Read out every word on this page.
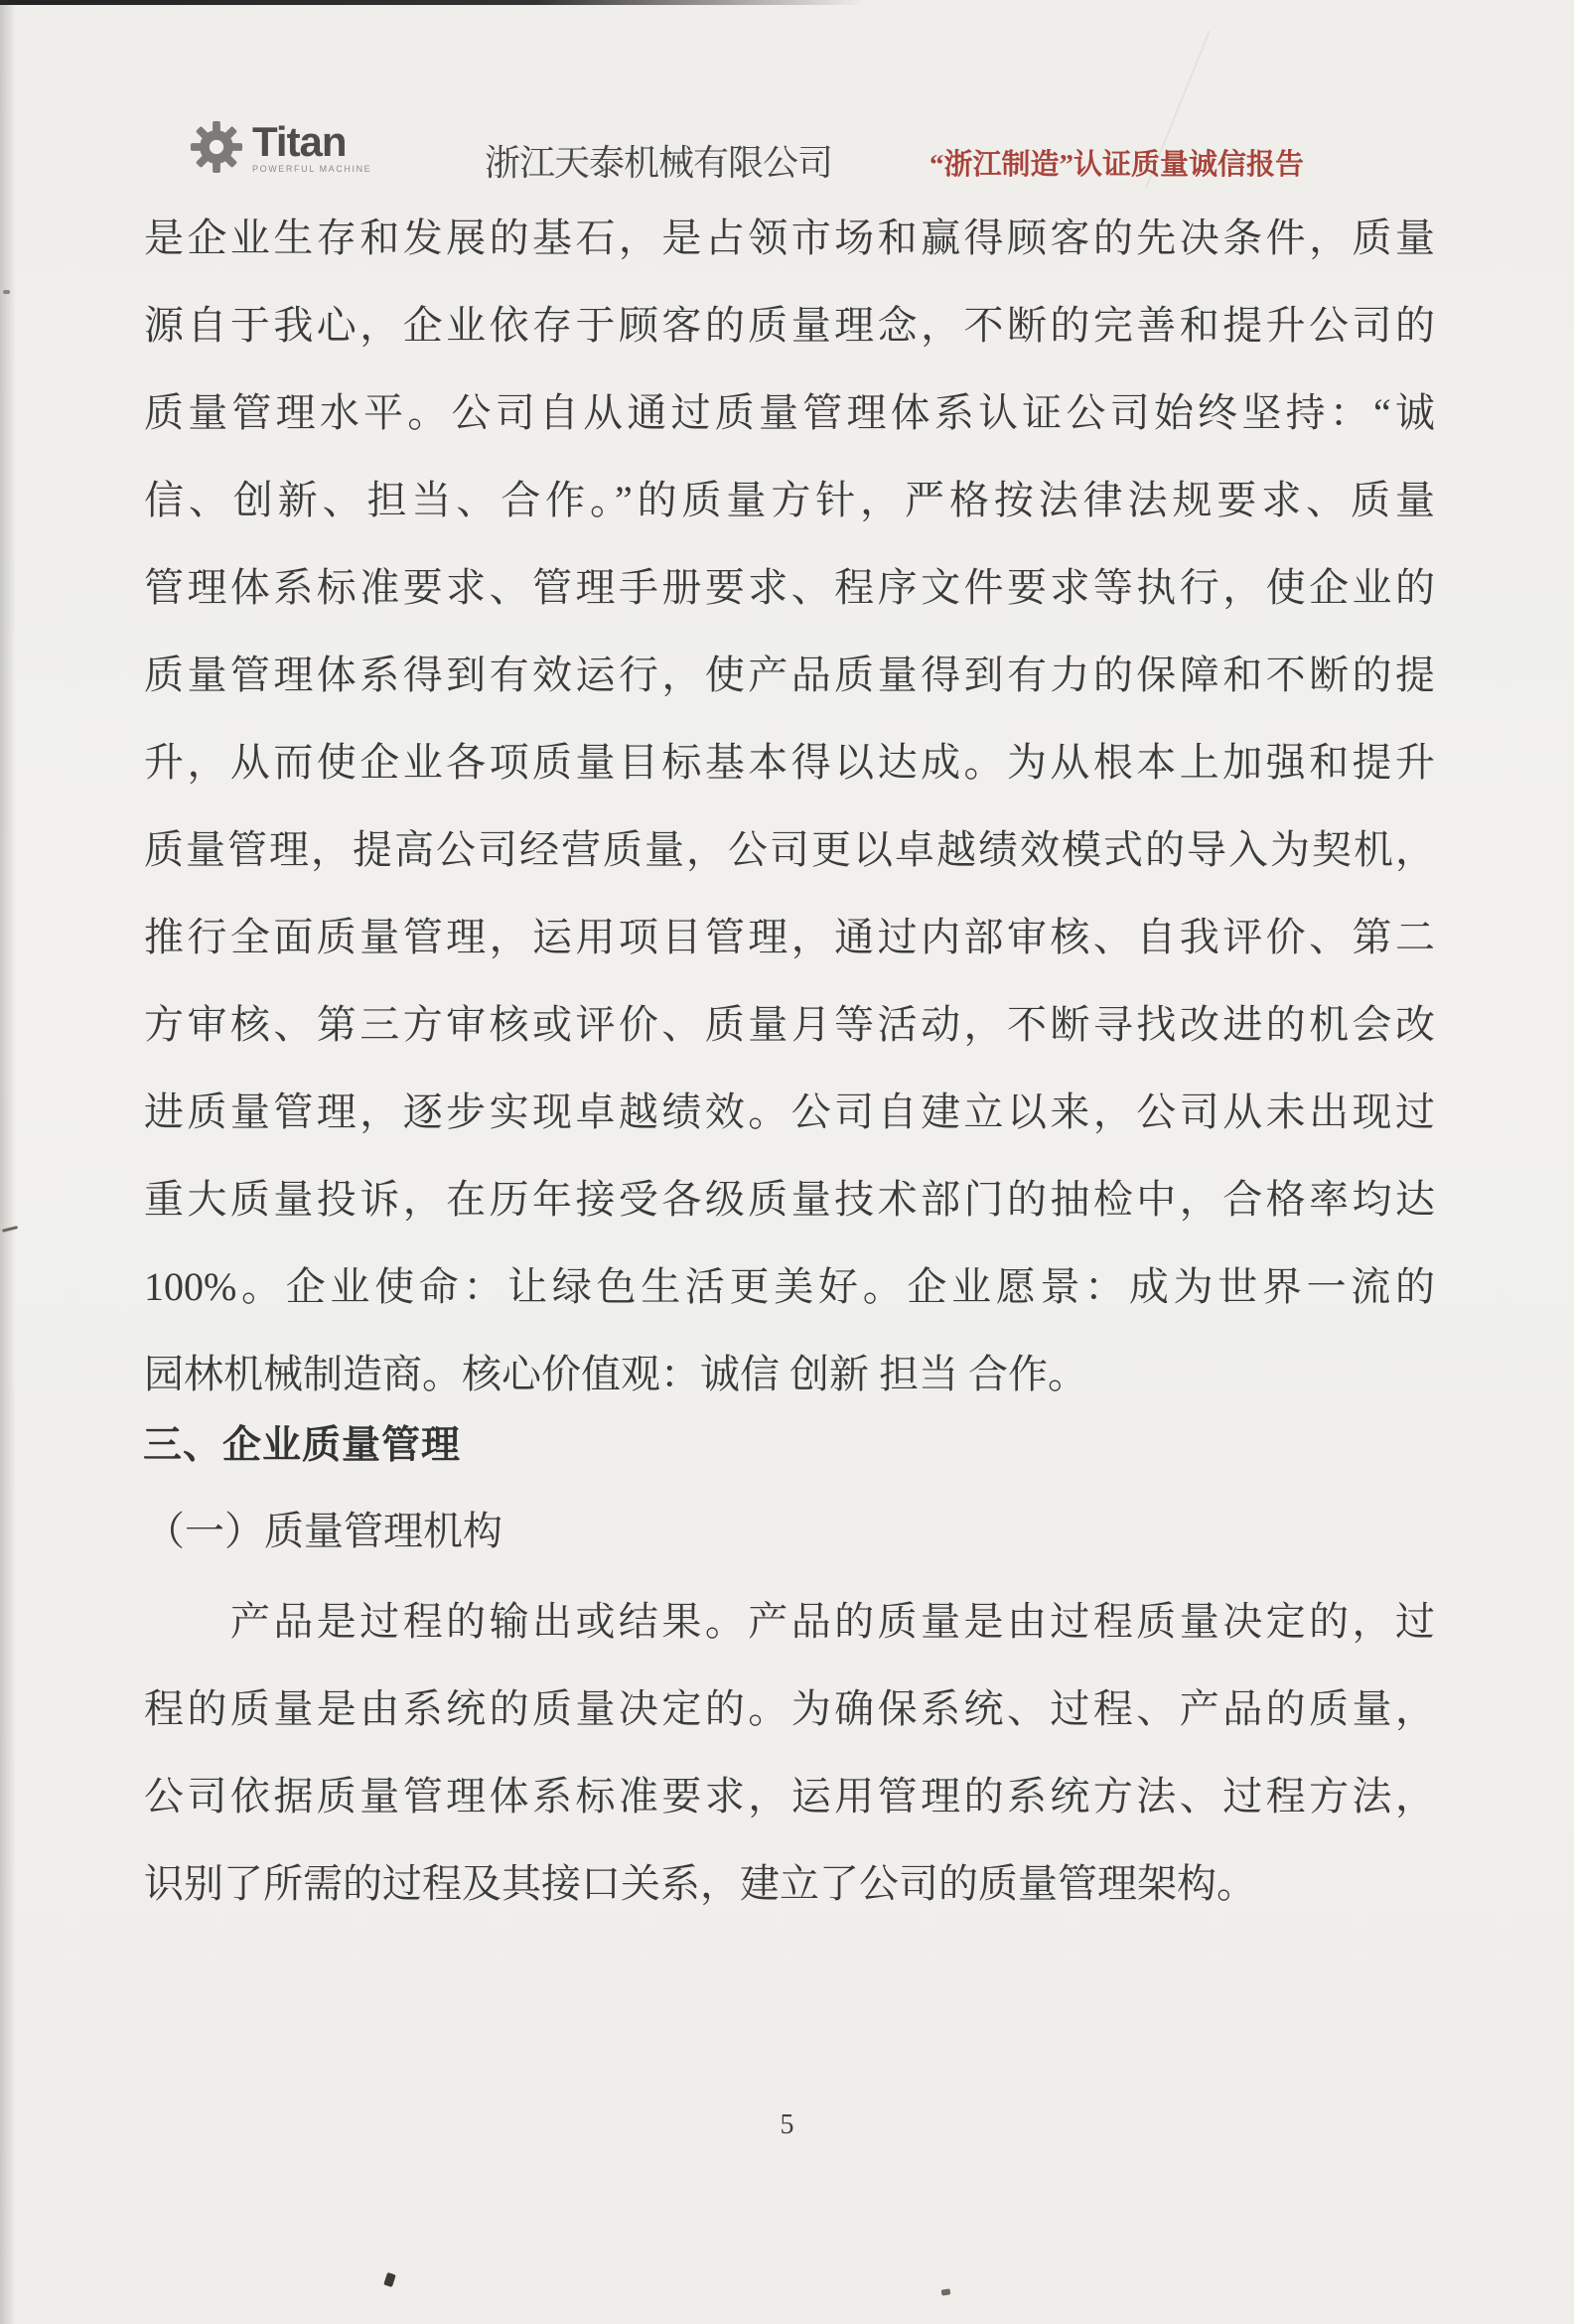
Titan
POWERFUL MACHINE	浙江天泰机械有限公司	“浙江制造”认证质量诚信报告
是企业生存和发展的基石，是占领市场和赢得顾客的先决条件，质量
源自于我心，企业依存于顾客的质量理念，不断的完善和提升公司的
质量管理水平。公司自从通过质量管理体系认证公司始终坚持：“诚
信、创新、担当、合作。”的质量方针，严格按法律法规要求、质量
管理体系标准要求、管理手册要求、程序文件要求等执行，使企业的
质量管理体系得到有效运行，使产品质量得到有力的保障和不断的提
升，从而使企业各项质量目标基本得以达成。为从根本上加强和提升
质量管理，提高公司经营质量，公司更以卓越绩效模式的导入为契机，
推行全面质量管理，运用项目管理，通过内部审核、自我评价、第二
方审核、第三方审核或评价、质量月等活动，不断寻找改进的机会改
进质量管理，逐步实现卓越绩效。公司自建立以来，公司从未出现过
重大质量投诉，在历年接受各级质量技术部门的抽检中，合格率均达
100%。企业使命：让绿色生活更美好。企业愿景：成为世界一流的
园林机械制造商。核心价值观：诚信 创新 担当 合作。
三、企业质量管理
（一）质量管理机构
　　产品是过程的输出或结果。产品的质量是由过程质量决定的，过
程的质量是由系统的质量决定的。为确保系统、过程、产品的质量，
公司依据质量管理体系标准要求，运用管理的系统方法、过程方法，
识别了所需的过程及其接口关系，建立了公司的质量管理架构。
5
